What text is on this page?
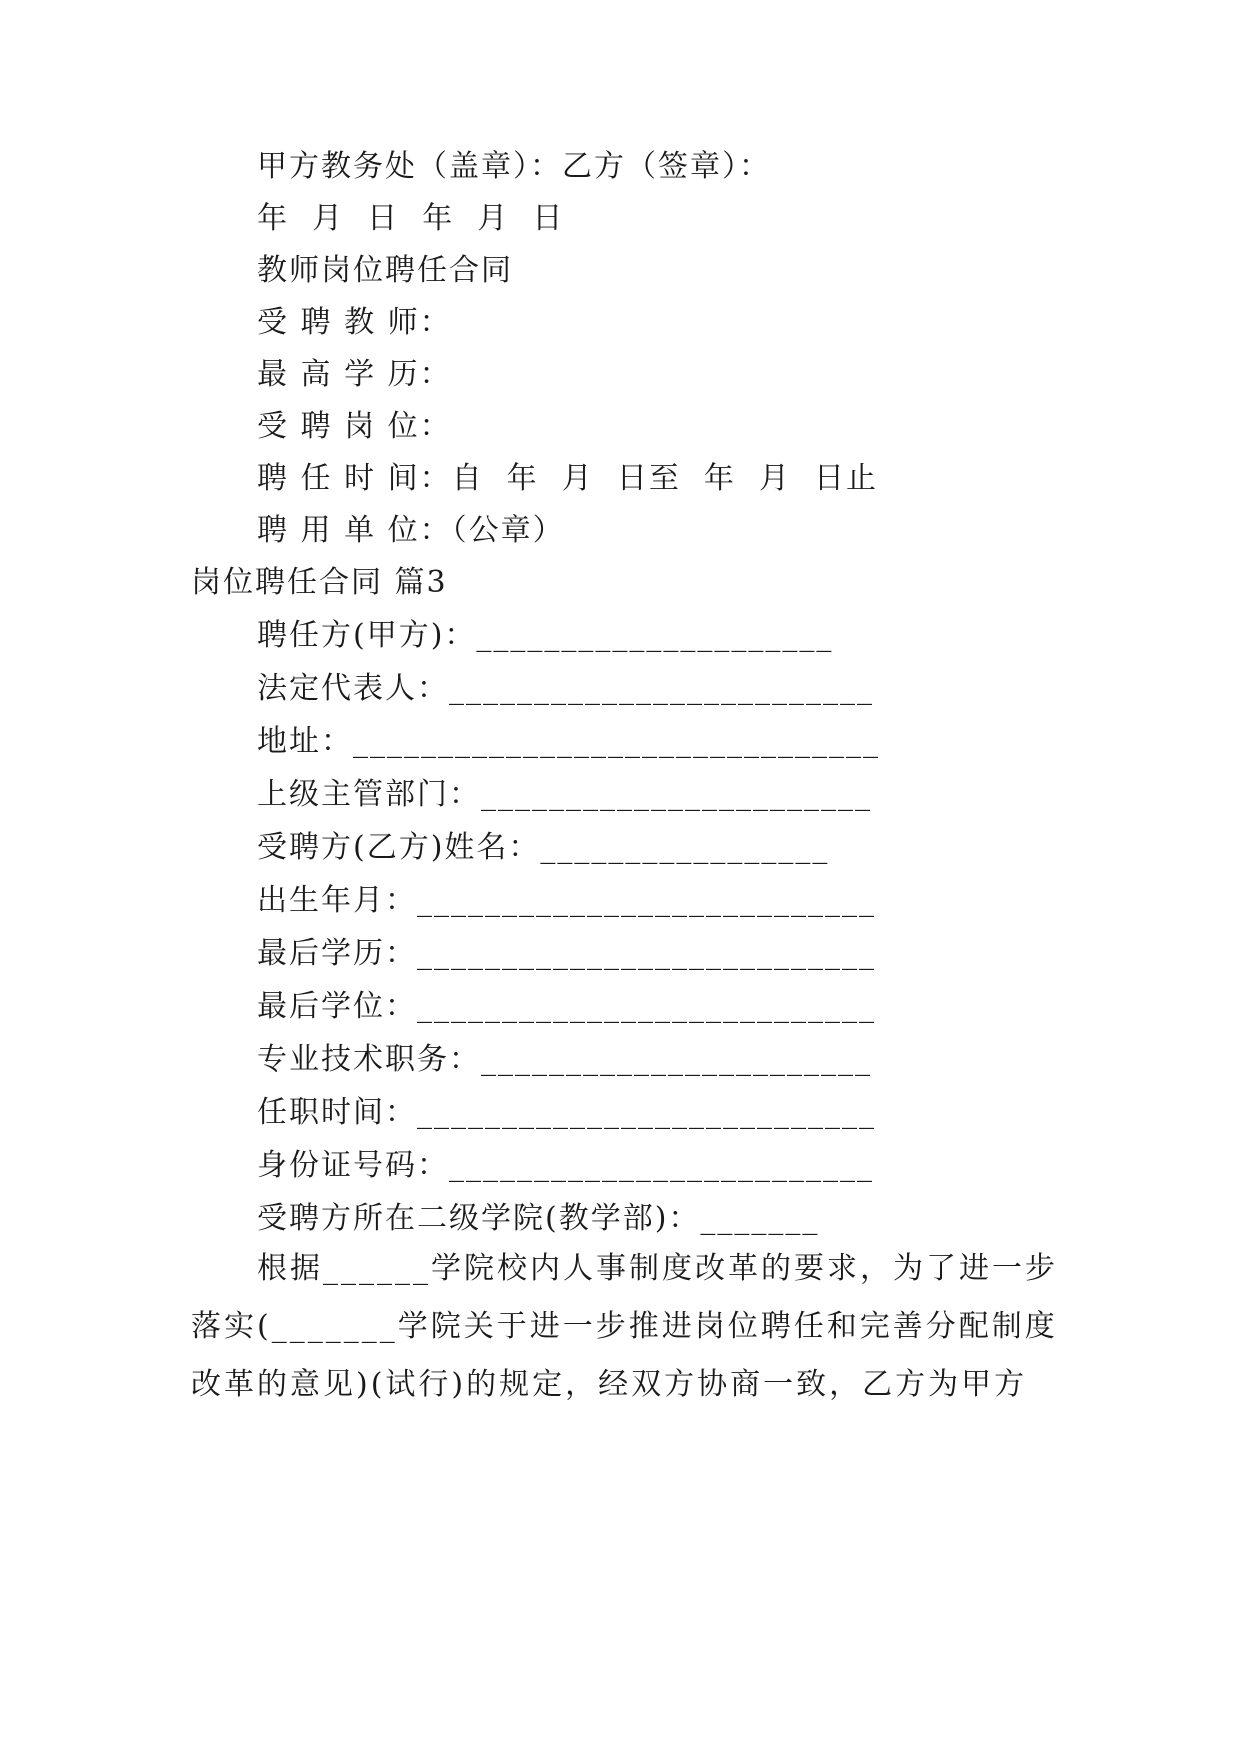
甲方教务处（盖章）：乙方（签章）：
年  月  日  年  月  日
教师岗位聘任合同
受 聘 教 师：
最 高 学 历：
受 聘 岗 位：
聘 任 时 间：自  年  月  日至  年  月  日止
聘 用 单 位：（公章）
岗位聘任合同 篇3
聘任方(甲方)：_____________________
法定代表人：_________________________
地址：_______________________________
上级主管部门：_______________________
受聘方(乙方)姓名：_________________
出生年月：___________________________
最后学历：___________________________
最后学位：___________________________
专业技术职务：_______________________
任职时间：___________________________
身份证号码：_________________________
受聘方所在二级学院(教学部)：_______
根据______学院校内人事制度改革的要求，为了进一步
落实(_______学院关于进一步推进岗位聘任和完善分配制度
改革的意见)(试行)的规定，经双方协商一致，乙方为甲方
